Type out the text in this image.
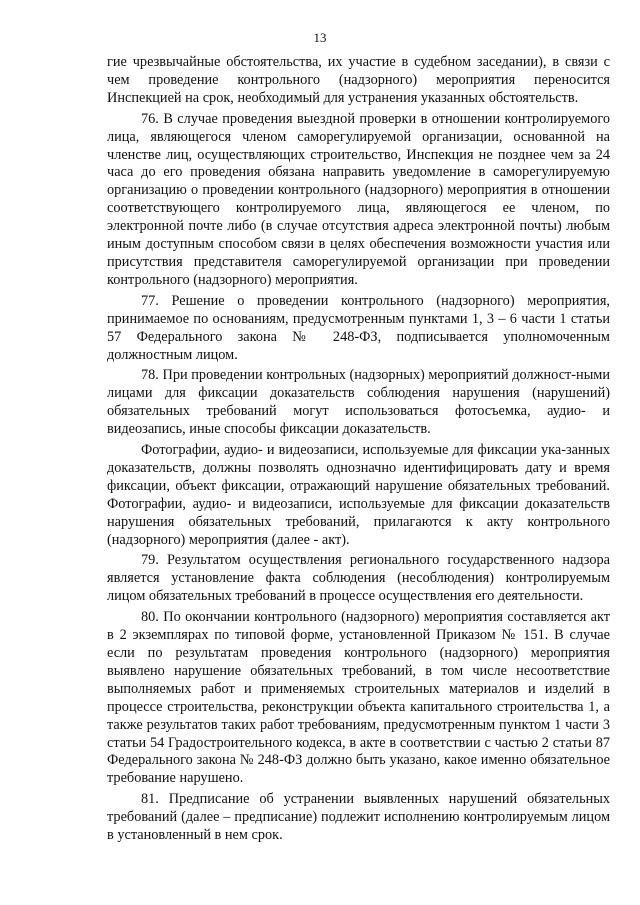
13

гие чрезвычайные обстоятельства, их участие в судебном заседании), в связи с чем проведение контрольного (надзорного) мероприятия переносится Инспекцией на срок, необходимый для устранения указанных обстоятельств.

76. В случае проведения выездной проверки в отношении контролируемого лица, являющегося членом саморегулируемой организации, основанной на членстве лиц, осуществляющих строительство, Инспекция не позднее чем за 24 часа до его проведения обязана направить уведомление в саморегулируемую организацию о проведении контрольного (надзорного) мероприятия в отношении соответствующего контролируемого лица, являющегося ее членом, по электронной почте либо (в случае отсутствия адреса электронной почты) любым иным доступным способом связи в целях обеспечения возможности участия или присутствия представителя саморегулируемой организации при проведении контрольного (надзорного) мероприятия.

77. Решение о проведении контрольного (надзорного) мероприятия, принимаемое по основаниям, предусмотренным пунктами 1, 3 – 6 части 1 статьи 57 Федерального закона № 248-ФЗ, подписывается уполномоченным должностным лицом.

78. При проведении контрольных (надзорных) мероприятий должност-ными лицами для фиксации доказательств соблюдения нарушения (нарушений) обязательных требований могут использоваться фотосъемка, аудио- и видеозапись, иные способы фиксации доказательств.

Фотографии, аудио- и видеозаписи, используемые для фиксации ука-занных доказательств, должны позволять однозначно идентифицировать дату и время фиксации, объект фиксации, отражающий нарушение обязательных требований. Фотографии, аудио- и видеозаписи, используемые для фиксации доказательств нарушения обязательных требований, прилагаются к акту контрольного (надзорного) мероприятия (далее - акт).

79. Результатом осуществления регионального государственного надзора является установление факта соблюдения (несоблюдения) контролируемым лицом обязательных требований в процессе осуществления его деятельности.

80. По окончании контрольного (надзорного) мероприятия составляется акт в 2 экземплярах по типовой форме, установленной Приказом № 151. В случае если по результатам проведения контрольного (надзорного) мероприятия выявлено нарушение обязательных требований, в том числе несоответствие выполняемых работ и применяемых строительных материалов и изделий в процессе строительства, реконструкции объекта капитального строительства 1, а также результатов таких работ требованиям, предусмотренным пунктом 1 части 3 статьи 54 Градостроительного кодекса, в акте в соответствии с частью 2 статьи 87 Федерального закона № 248-ФЗ должно быть указано, какое именно обязательное требование нарушено.

81. Предписание об устранении выявленных нарушений обязательных требований (далее – предписание) подлежит исполнению контролируемым лицом в установленный в нем срок.
